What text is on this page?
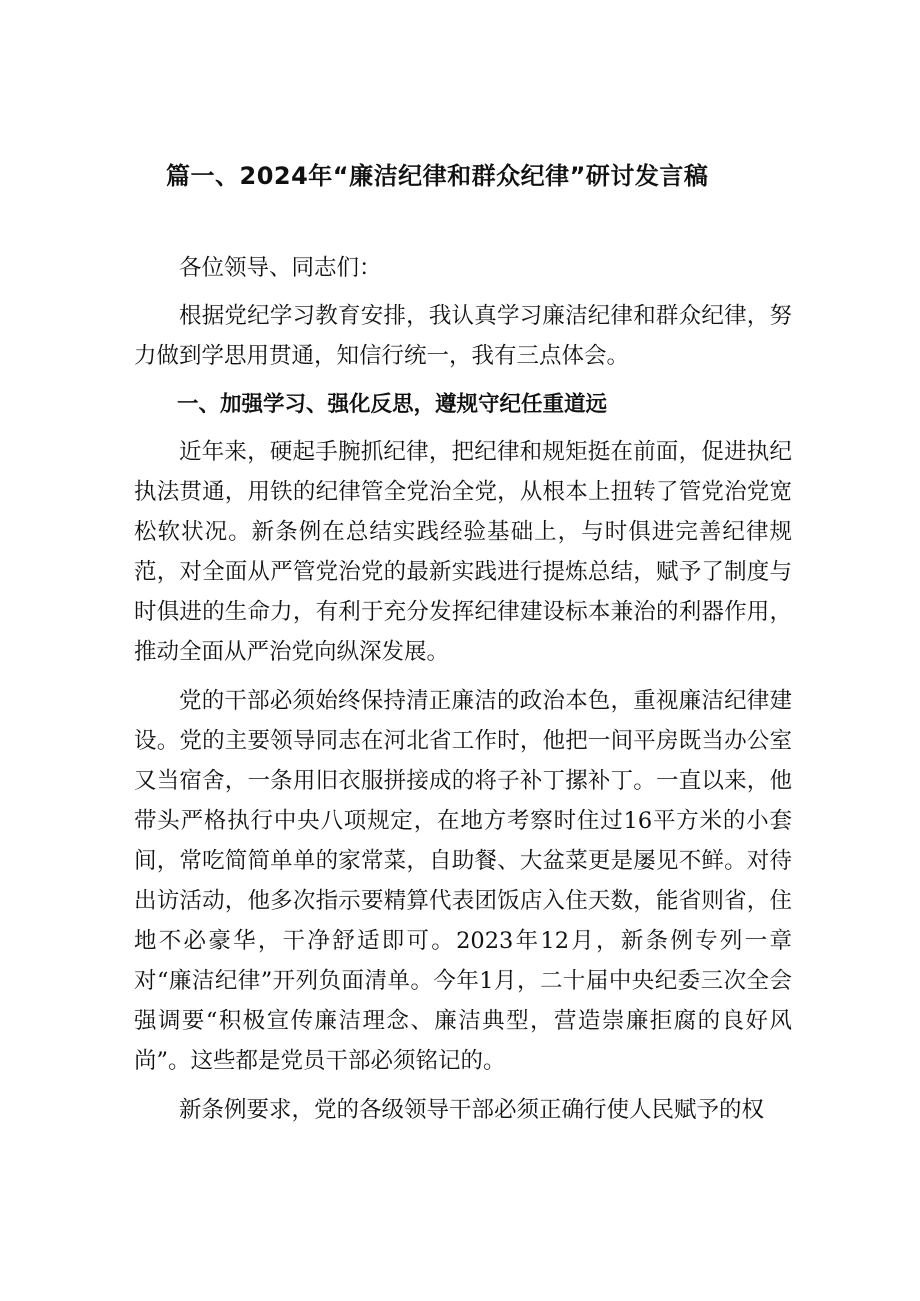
篇一、2024年“廉洁纪律和群众纪律”研讨发言稿

各位领导、同志们：

根据党纪学习教育安排，我认真学习廉洁纪律和群众纪律，努力做到学思用贯通，知信行统一，我有三点体会。

一、加强学习、强化反思，遵规守纪任重道远

近年来，硬起手腕抓纪律，把纪律和规矩挺在前面，促进执纪执法贯通，用铁的纪律管全党治全党，从根本上扭转了管党治党宽松软状况。新条例在总结实践经验基础上，与时俱进完善纪律规范，对全面从严管党治党的最新实践进行提炼总结，赋予了制度与时俱进的生命力，有利于充分发挥纪律建设标本兼治的利器作用，推动全面从严治党向纵深发展。

党的干部必须始终保持清正廉洁的政治本色，重视廉洁纪律建设。党的主要领导同志在河北省工作时，他把一间平房既当办公室又当宿舍，一条用旧衣服拼接成的将子补丁摞补丁。一直以来，他带头严格执行中央八项规定，在地方考察时住过16平方米的小套间，常吃简简单单的家常菜，自助餐、大盆菜更是屡见不鲜。对待出访活动，他多次指示要精算代表团饭店入住天数，能省则省，住地不必豪华，干净舒适即可。2023年12月，新条例专列一章对“廉洁纪律”开列负面清单。今年1月，二十届中央纪委三次全会强调要“积极宣传廉洁理念、廉洁典型，营造崇廉拒腐的良好风尚”。这些都是党员干部必须铭记的。

新条例要求，党的各级领导干部必须正确行使人民赋予的权
